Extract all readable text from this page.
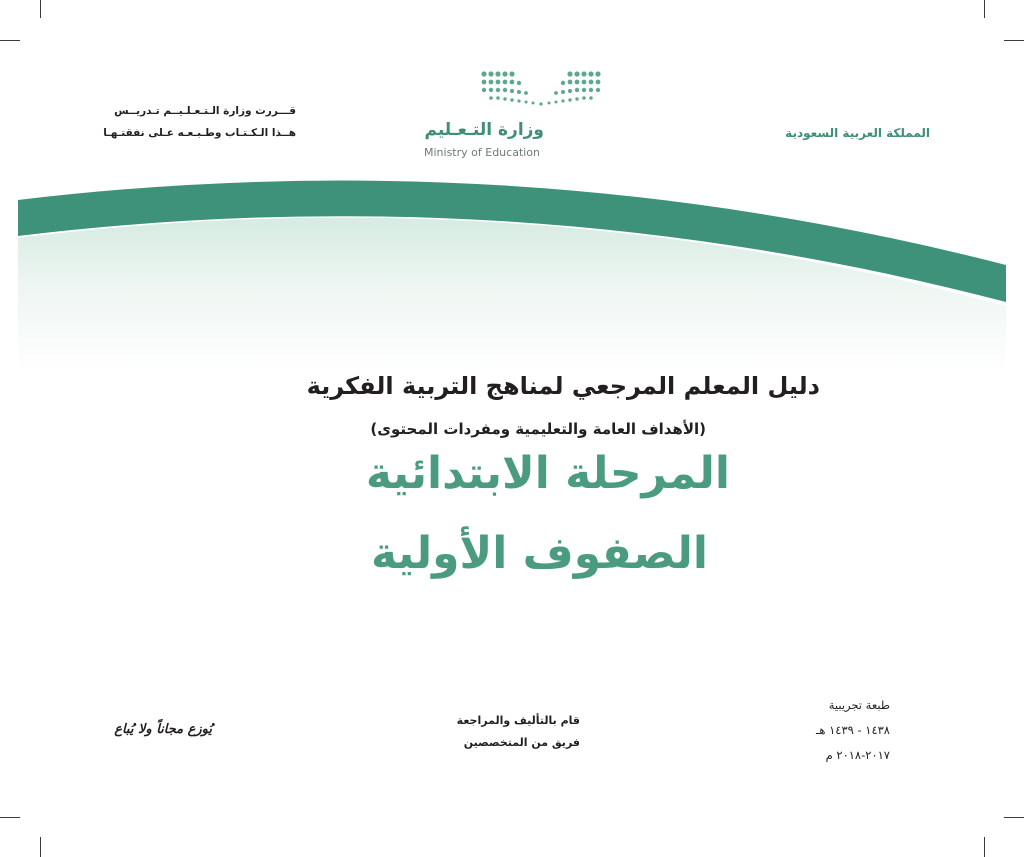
المملكة العربية السعودية
قـــررت وزارة الـتـعـلـيــم تـدريــس
هــذا الـكـتـاب وطـبـعـه عـلى نفقتـهـا	وزارة التـعـليم
Ministry of Education
دليل المعلم المرجعي لمناهج التربية الفكرية
(الأهداف العامة والتعليمية ومفردات المحتوى)
المرحلة الابتدائية
الصفوف الأولية
طبعة تجريبية
١٤٣٨ - ١٤٣٩ هـ
٢٠١٧-٢٠١٨ م
قام بالتأليف والمراجعة
فريق من المتخصصين
يُوزع مجاناً ولا يُباع
